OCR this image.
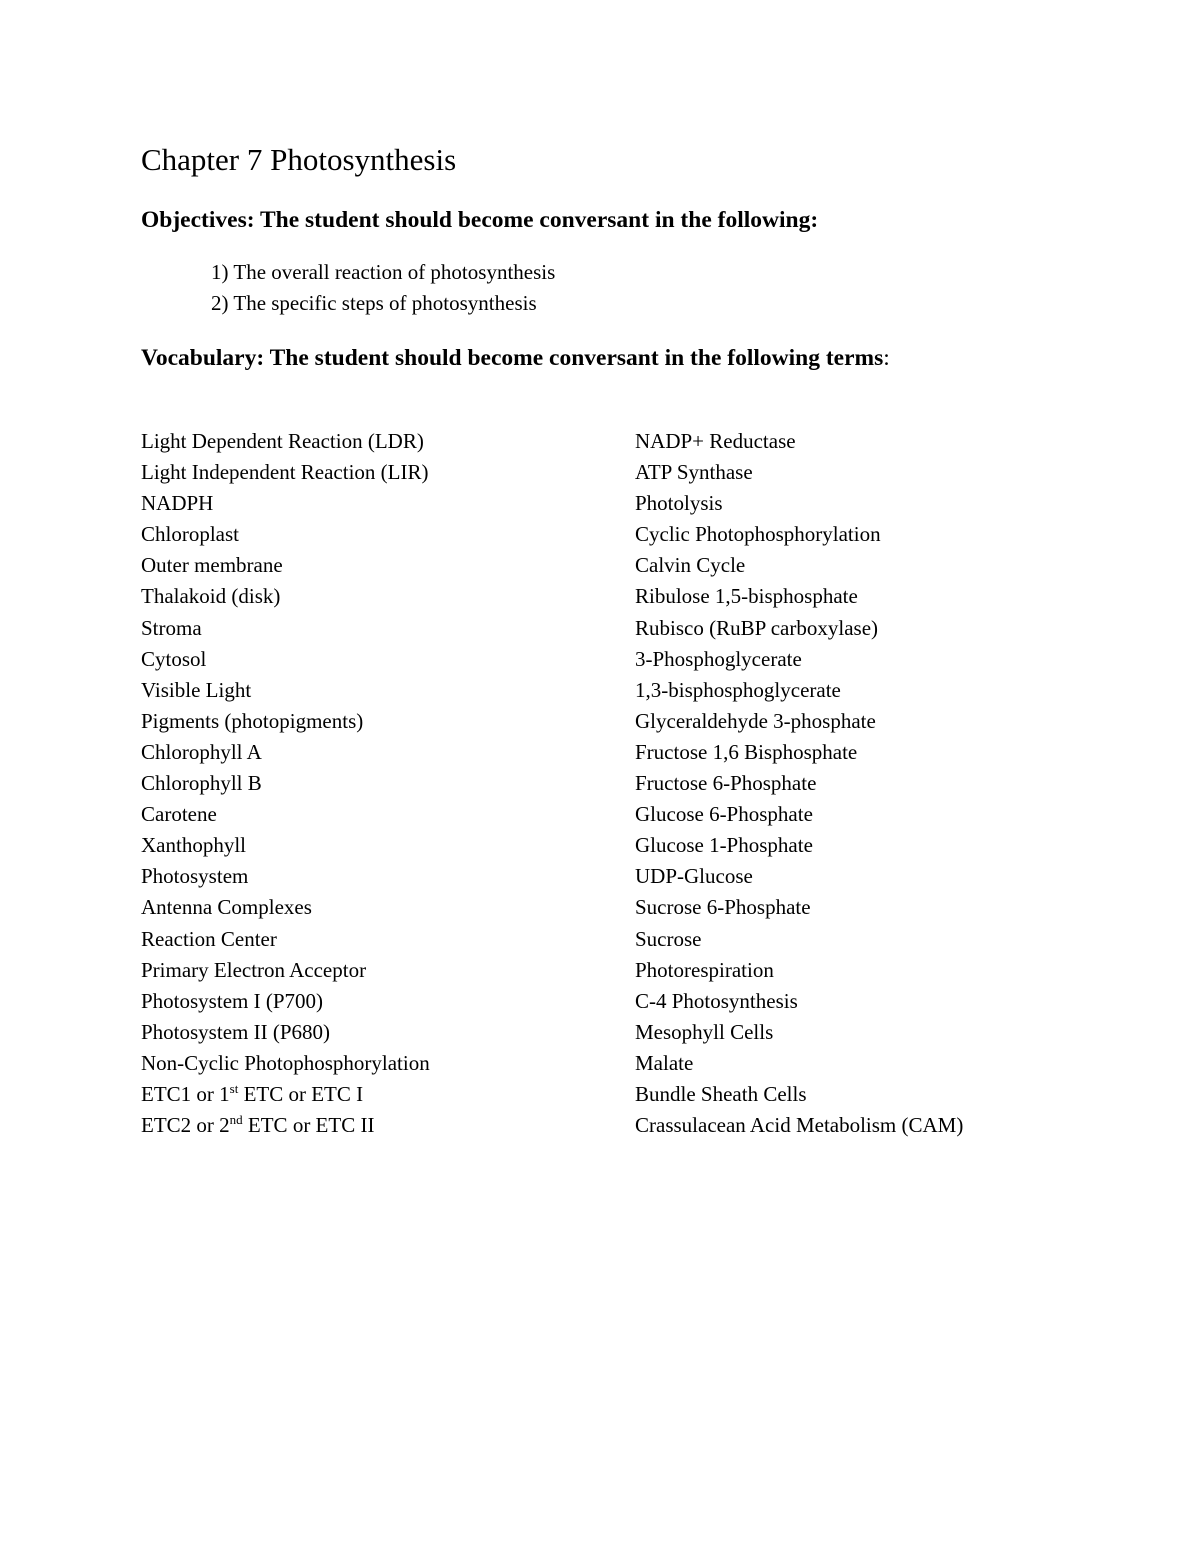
Chapter 7 Photosynthesis
Objectives: The student should become conversant in the following:
1) The overall reaction of photosynthesis
2) The specific steps of photosynthesis
Vocabulary: The student should become conversant in the following terms:
Light Dependent Reaction (LDR)
Light Independent Reaction (LIR)
NADPH
Chloroplast
Outer membrane
Thalakoid (disk)
Stroma
Cytosol
Visible Light
Pigments (photopigments)
Chlorophyll A
Chlorophyll B
Carotene
Xanthophyll
Photosystem
Antenna Complexes
Reaction Center
Primary Electron Acceptor
Photosystem I (P700)
Photosystem II (P680)
Non-Cyclic Photophosphorylation
ETC1 or 1st ETC or ETC I
ETC2 or 2nd ETC or ETC II
NADP+ Reductase
ATP Synthase
Photolysis
Cyclic Photophosphorylation
Calvin Cycle
Ribulose 1,5-bisphosphate
Rubisco (RuBP carboxylase)
3-Phosphoglycerate
1,3-bisphosphoglycerate
Glyceraldehyde 3-phosphate
Fructose 1,6 Bisphosphate
Fructose 6-Phosphate
Glucose 6-Phosphate
Glucose 1-Phosphate
UDP-Glucose
Sucrose 6-Phosphate
Sucrose
Photorespiration
C-4 Photosynthesis
Mesophyll Cells
Malate
Bundle Sheath Cells
Crassulacean Acid Metabolism (CAM)
